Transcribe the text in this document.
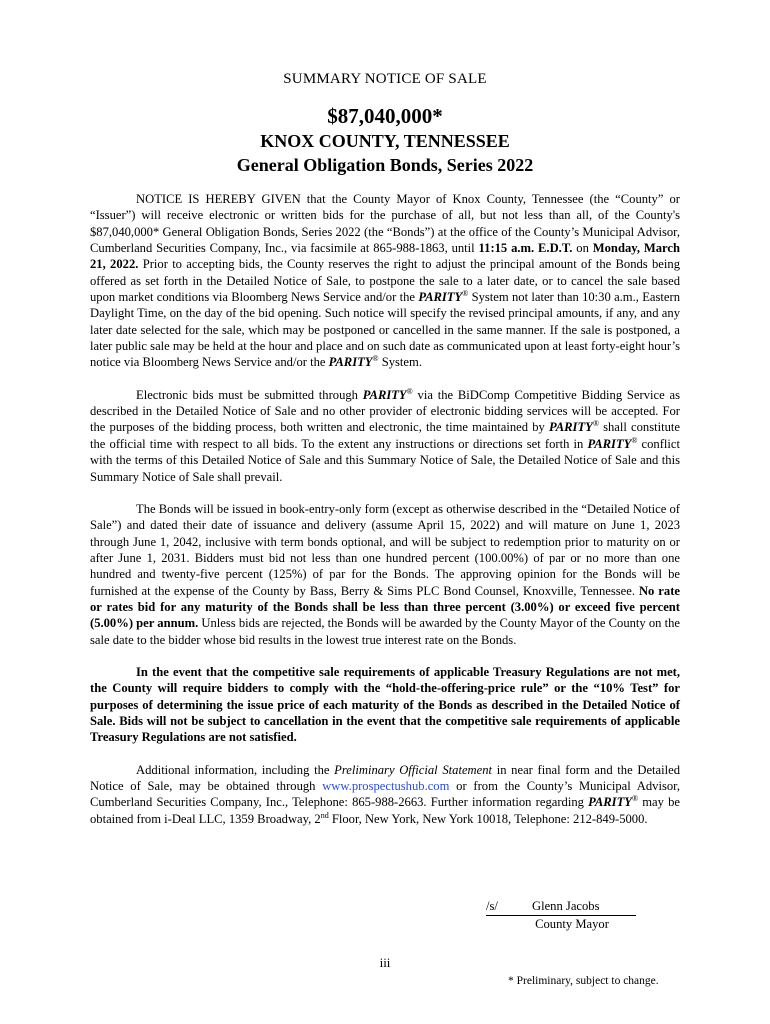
SUMMARY NOTICE OF SALE
$87,040,000*
KNOX COUNTY, TENNESSEE
General Obligation Bonds, Series 2022

NOTICE IS HEREBY GIVEN that the County Mayor of Knox County, Tennessee (the “County” or “Issuer”) will receive electronic or written bids for the purchase of all, but not less than all, of the County's $87,040,000* General Obligation Bonds, Series 2022 (the “Bonds”) at the office of the County’s Municipal Advisor, Cumberland Securities Company, Inc., via facsimile at 865-988-1863, until 11:15 a.m. E.D.T. on Monday, March 21, 2022. Prior to accepting bids, the County reserves the right to adjust the principal amount of the Bonds being offered as set forth in the Detailed Notice of Sale, to postpone the sale to a later date, or to cancel the sale based upon market conditions via Bloomberg News Service and/or the PARITY® System not later than 10:30 a.m., Eastern Daylight Time, on the day of the bid opening. Such notice will specify the revised principal amounts, if any, and any later date selected for the sale, which may be postponed or cancelled in the same manner. If the sale is postponed, a later public sale may be held at the hour and place and on such date as communicated upon at least forty-eight hour’s notice via Bloomberg News Service and/or the PARITY® System.

Electronic bids must be submitted through PARITY® via the BiDComp Competitive Bidding Service as described in the Detailed Notice of Sale and no other provider of electronic bidding services will be accepted. For the purposes of the bidding process, both written and electronic, the time maintained by PARITY® shall constitute the official time with respect to all bids. To the extent any instructions or directions set forth in PARITY® conflict with the terms of this Detailed Notice of Sale and this Summary Notice of Sale, the Detailed Notice of Sale and this Summary Notice of Sale shall prevail.

The Bonds will be issued in book-entry-only form (except as otherwise described in the “Detailed Notice of Sale”) and dated their date of issuance and delivery (assume April 15, 2022) and will mature on June 1, 2023 through June 1, 2042, inclusive with term bonds optional, and will be subject to redemption prior to maturity on or after June 1, 2031. Bidders must bid not less than one hundred percent (100.00%) of par or no more than one hundred and twenty-five percent (125%) of par for the Bonds. The approving opinion for the Bonds will be furnished at the expense of the County by Bass, Berry & Sims PLC Bond Counsel, Knoxville, Tennessee. No rate or rates bid for any maturity of the Bonds shall be less than three percent (3.00%) or exceed five percent (5.00%) per annum. Unless bids are rejected, the Bonds will be awarded by the County Mayor of the County on the sale date to the bidder whose bid results in the lowest true interest rate on the Bonds.

In the event that the competitive sale requirements of applicable Treasury Regulations are not met, the County will require bidders to comply with the “hold-the-offering-price rule” or the “10% Test” for purposes of determining the issue price of each maturity of the Bonds as described in the Detailed Notice of Sale. Bids will not be subject to cancellation in the event that the competitive sale requirements of applicable Treasury Regulations are not satisfied.

Additional information, including the Preliminary Official Statement in near final form and the Detailed Notice of Sale, may be obtained through www.prospectushub.com or from the County’s Municipal Advisor, Cumberland Securities Company, Inc., Telephone: 865-988-2663. Further information regarding PARITY® may be obtained from i-Deal LLC, 1359 Broadway, 2nd Floor, New York, New York 10018, Telephone: 212-849-5000.

/s/	Glenn Jacobs
County Mayor
iii
* Preliminary, subject to change.
